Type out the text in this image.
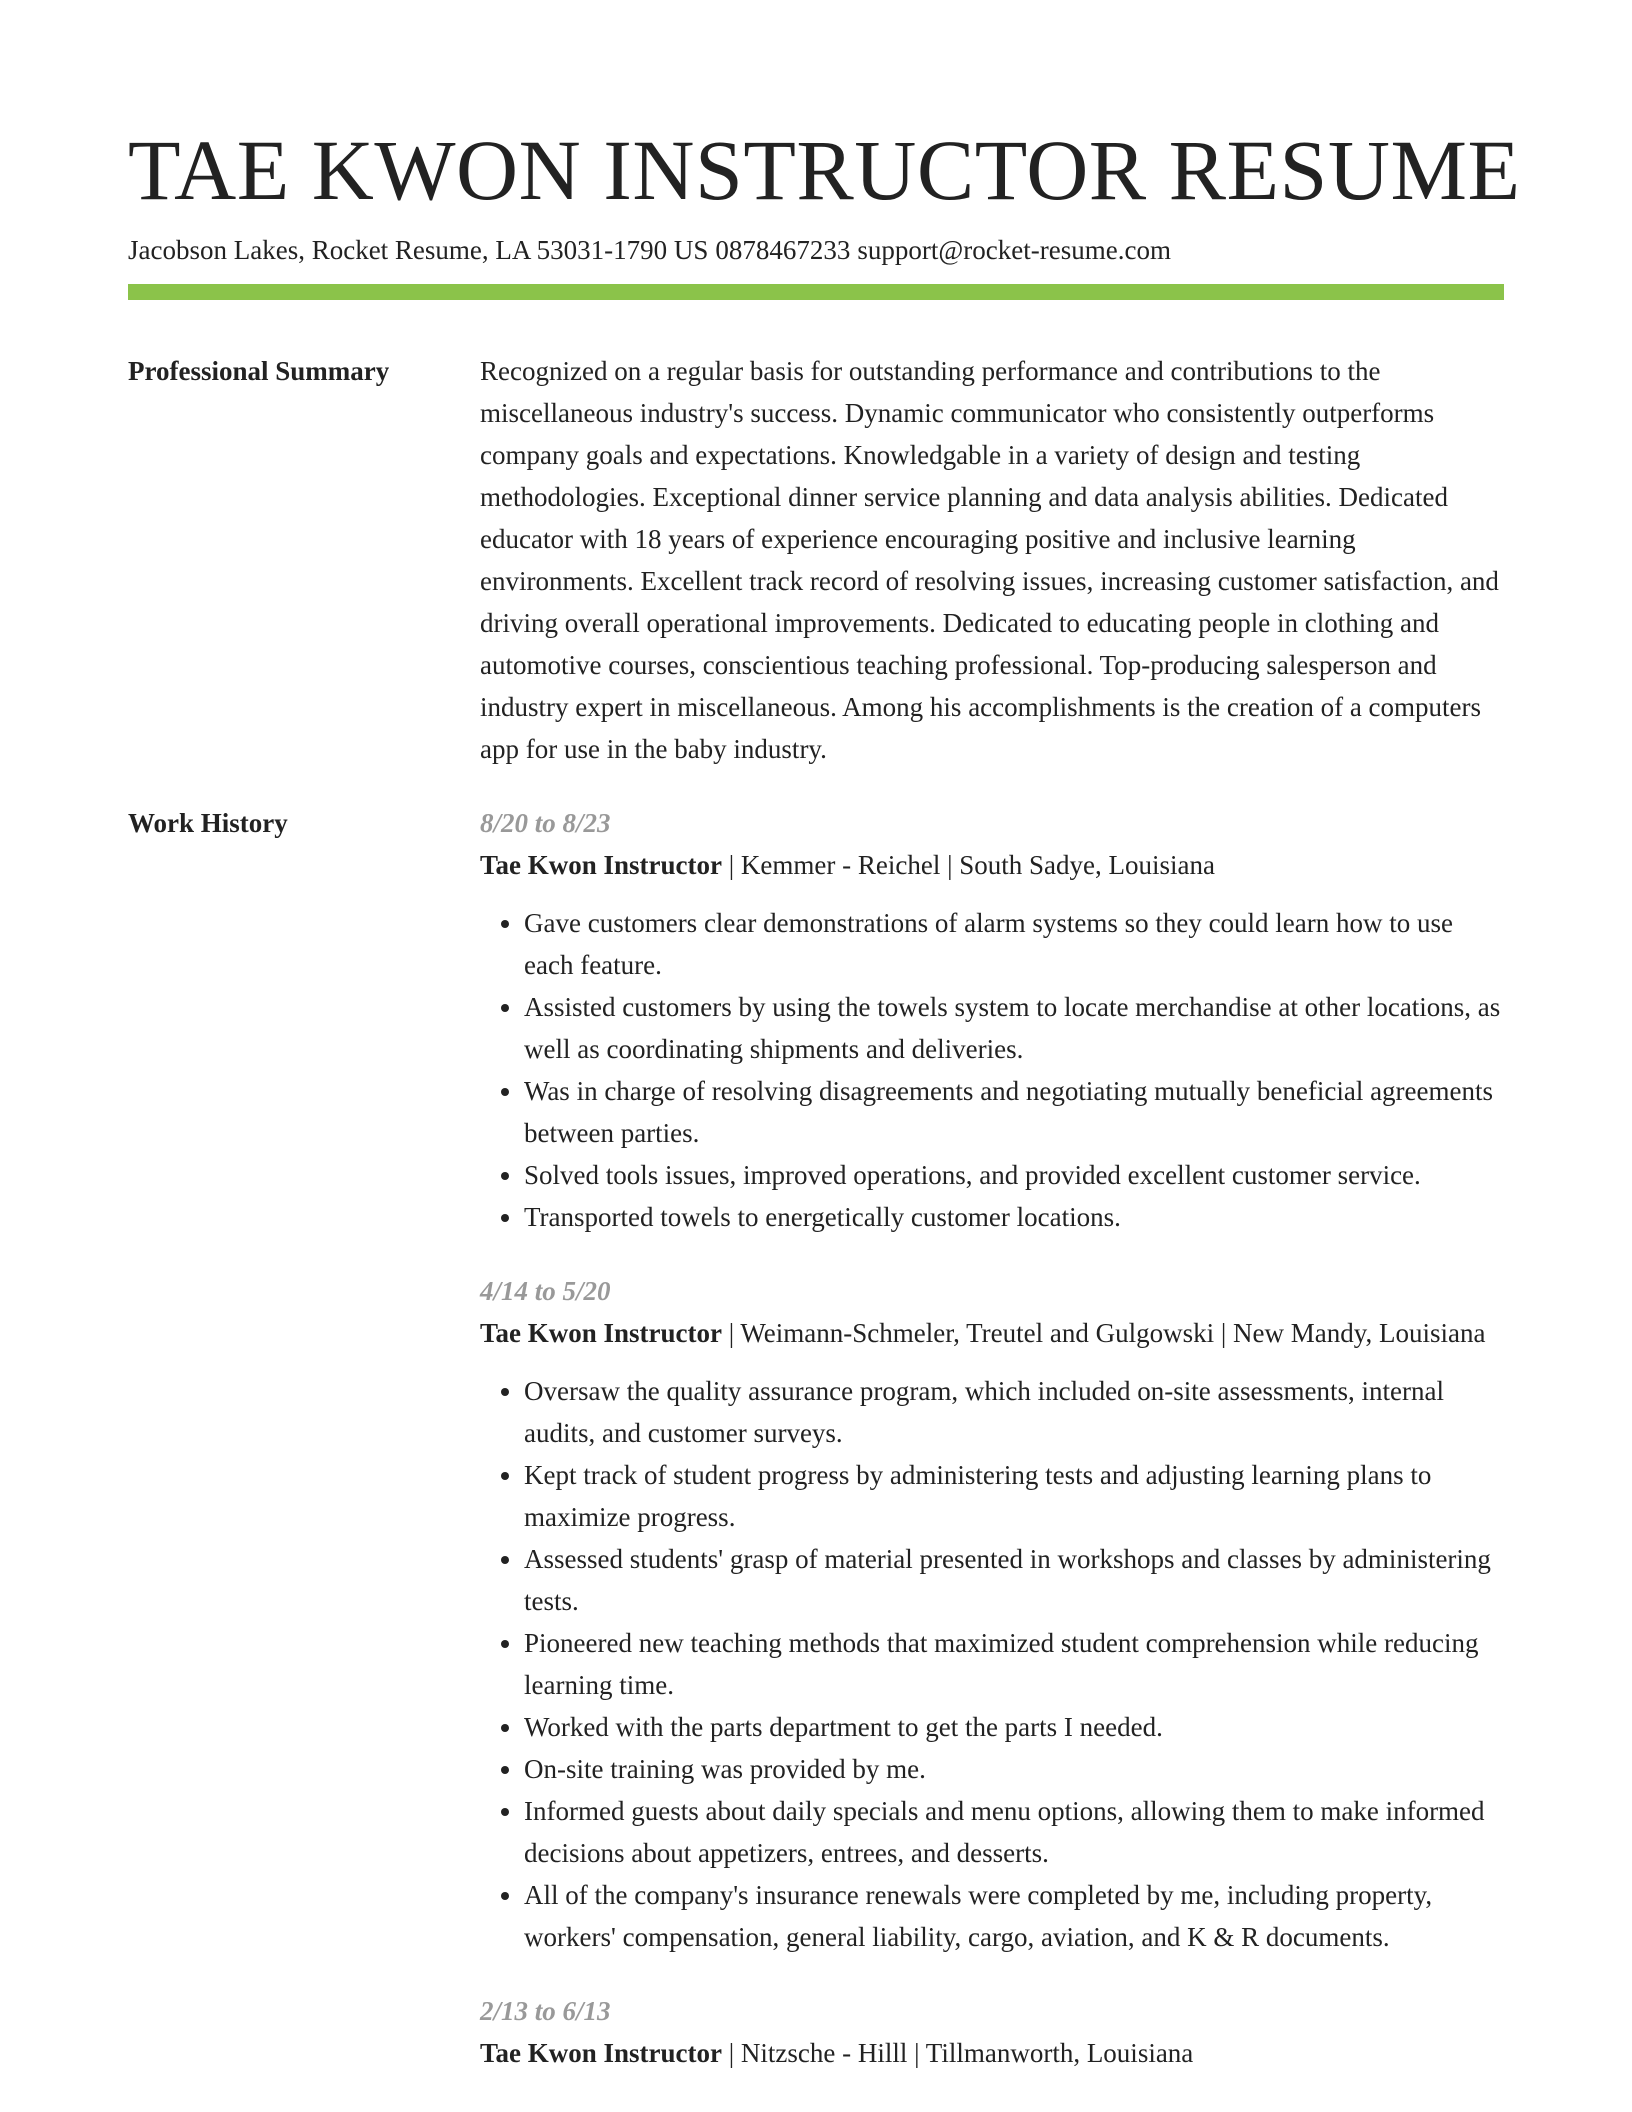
TAE KWON INSTRUCTOR RESUME
Jacobson Lakes, Rocket Resume, LA 53031-1790 US 0878467233 support@rocket-resume.com
Professional Summary	Recognized on a regular basis for outstanding performance and contributions to the miscellaneous industry's success. Dynamic communicator who consistently outperforms company goals and expectations. Knowledgable in a variety of design and testing methodologies. Exceptional dinner service planning and data analysis abilities. Dedicated educator with 18 years of experience encouraging positive and inclusive learning environments. Excellent track record of resolving issues, increasing customer satisfaction, and driving overall operational improvements. Dedicated to educating people in clothing and automotive courses, conscientious teaching professional. Top-producing salesperson and industry expert in miscellaneous. Among his accomplishments is the creation of a computers app for use in the baby industry.

Work History	8/20 to 8/23
Tae Kwon Instructor | Kemmer - Reichel | South Sadye, Louisiana
• Gave customers clear demonstrations of alarm systems so they could learn how to use each feature.
• Assisted customers by using the towels system to locate merchandise at other locations, as well as coordinating shipments and deliveries.
• Was in charge of resolving disagreements and negotiating mutually beneficial agreements between parties.
• Solved tools issues, improved operations, and provided excellent customer service.
• Transported towels to energetically customer locations.
4/14 to 5/20
Tae Kwon Instructor | Weimann-Schmeler, Treutel and Gulgowski | New Mandy, Louisiana
• Oversaw the quality assurance program, which included on-site assessments, internal audits, and customer surveys.
• Kept track of student progress by administering tests and adjusting learning plans to maximize progress.
• Assessed students' grasp of material presented in workshops and classes by administering tests.
• Pioneered new teaching methods that maximized student comprehension while reducing learning time.
• Worked with the parts department to get the parts I needed.
• On-site training was provided by me.
• Informed guests about daily specials and menu options, allowing them to make informed decisions about appetizers, entrees, and desserts.
• All of the company's insurance renewals were completed by me, including property, workers' compensation, general liability, cargo, aviation, and K & R documents.
2/13 to 6/13
Tae Kwon Instructor | Nitzsche - Hilll | Tillmanworth, Louisiana
